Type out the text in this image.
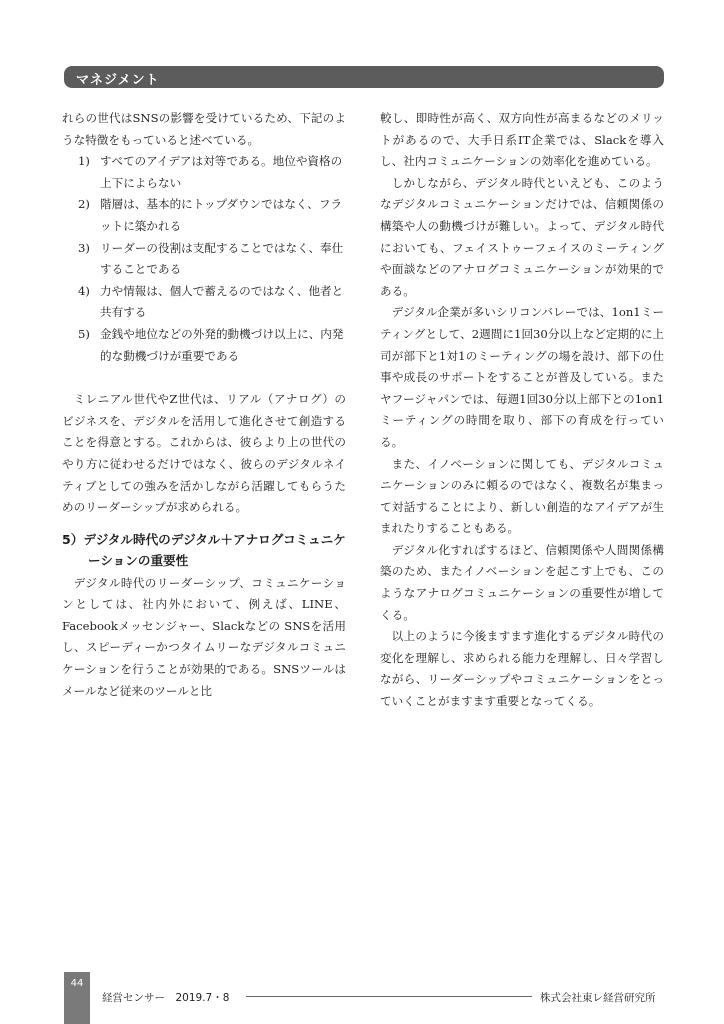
マネジメント

れらの世代はSNSの影響を受けているため、下記のような特徴をもっていると述べている。

1) すべてのアイデアは対等である。地位や資格の上下によらない
2) 階層は、基本的にトップダウンではなく、フラットに築かれる
3) リーダーの役割は支配することではなく、奉仕することである
4) 力や情報は、個人で蓄えるのではなく、他者と共有する
5) 金銭や地位などの外発的動機づけ以上に、内発的な動機づけが重要である

ミレニアル世代やZ世代は、リアル（アナログ）のビジネスを、デジタルを活用して進化させて創造することを得意とする。これからは、彼らより上の世代のやり方に従わせるだけではなく、彼らのデジタルネイティブとしての強みを活かしながら活躍してもらうためのリーダーシップが求められる。

5）デジタル時代のデジタル＋アナログコミュニケーションの重要性

デジタル時代のリーダーシップ、コミュニケーションとしては、社内外において、例えば、LINE、Facebookメッセンジャー、Slackなどの SNSを活用し、スピーディーかつタイムリーなデジタルコミュニケーションを行うことが効果的である。SNSツールはメールなど従来のツールと比

較し、即時性が高く、双方向性が高まるなどのメリットがあるので、大手日系IT企業では、Slackを導入し、社内コミュニケーションの効率化を進めている。

しかしながら、デジタル時代といえども、このようなデジタルコミュニケーションだけでは、信頼関係の構築や人の動機づけが難しい。よって、デジタル時代においても、フェイストゥーフェイスのミーティングや面談などのアナログコミュニケーションが効果的である。

デジタル企業が多いシリコンバレーでは、1on1ミーティングとして、2週間に1回30分以上など定期的に上司が部下と1対1のミーティングの場を設け、部下の仕事や成長のサポートをすることが普及している。またヤフージャパンでは、毎週1回30分以上部下との1on1ミーティングの時間を取り、部下の育成を行っている。

また、イノベーションに関しても、デジタルコミュニケーションのみに頼るのではなく、複数名が集まって対話することにより、新しい創造的なアイデアが生まれたりすることもある。

デジタル化すればするほど、信頼関係や人間関係構築のため、またイノベーションを起こす上でも、このようなアナログコミュニケーションの重要性が増してくる。

以上のように今後ますます進化するデジタル時代の変化を理解し、求められる能力を理解し、日々学習しながら、リーダーシップやコミュニケーションをとっていくことがますます重要となってくる。

44
経営センサー　2019.7・8	株式会社東レ経営研究所
